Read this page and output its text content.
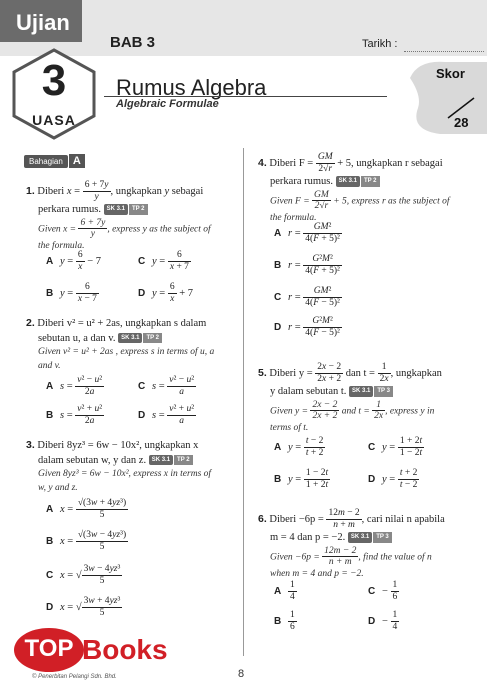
Ujian
BAB 3	Tarikh :
3
UASA
Rumus Algebra
Algebraic Formulae
Skor
28
Bahagian A
1. Diberi $x = \frac{6 + 7y}{y}$ , ungkapkan y sebagai
perkara rumus. SK 3.1 TP 2
Given $x = \frac{6 + 7y}{y}$ , express y as the subject of
the formula.
A $y = \frac{6}{x} - 7$	C $y = \frac{6}{x + 7}$
B $y = \frac{6}{x - 7}$	D $y = \frac{6}{x} + 7$
2. Diberi v² = u² + 2as, ungkapkan s dalam
sebutan u, a dan v. SK 3.1 TP 2
Given v² = u² + 2as , express s in terms of u, a
and v.
A $s = \frac{\text{v² − u²}}{2a}$	C $s = \frac{\text{v² − u²}}{a}$
B $s = \frac{\text{v² + u²}}{2a}$	D $s = \frac{\text{v² + u²}}{a}$
3. Diberi 8yz³ = 6w − 10x², ungkapkan x
dalam sebutan w, y dan z. SK 3.1 TP 2
Given 8yz³ = 6w − 10x², express x in terms of
w, y and z.
A $x = \frac{\text{√(3w + 4yz³)}}{5}$
B $x = \frac{\text{√(3w − 4yz³)}}{5}$
C x = √ $\frac{\text{3w − 4yz³}}{5}$
D x = √ $\frac{\text{3w + 4yz³}}{5}$
4. Diberi $F = \frac{GM}{2√r} + 5$, ungkapkan r sebagai
perkara rumus. SK 3.1 TP 2
Given $F = \frac{GM}{2√r} + 5$, express r as the subject of
the formula.
A $r = \frac{\text{GM²}}{\text{4(F + 5)²}}$
B $r = \frac{\text{G²M²}}{\text{4(F + 5)²}}$
C $r = \frac{\text{GM²}}{\text{4(F − 5)²}}$
D $r = \frac{\text{G²M²}}{\text{4(F − 5)²}}$
5. Diberi $y = \frac{2x - 2}{2x + 2}$ dan $t = \frac{1}{2x}$ , ungkapkan
y dalam sebutan t. SK 3.1 TP 3
Given $y = \frac{2x - 2}{2x + 2}$ and $t = \frac{1}{2x}$ , express y in
terms of t.
A $y = \frac{t - 2}{t + 2}$	C $y = \frac{1 + 2t}{1 - 2t}$
B $y = \frac{1 - 2t}{1 + 2t}$	D $y = \frac{t + 2}{t - 2}$
6. Diberi $-6p = \frac{12m - 2}{n + m}$ , cari nilai n apabila
m = 4 dan p = −2. SK 3.1 TP 3
Given $-6p = \frac{12m - 2}{n + m}$ , find the value of n
when m = 4 and p = −2.
A $\frac{1}{4}$	$C - \frac{1}{6}$
B $\frac{1}{6}$	$D - \frac{1}{4}$
TOP Books
© Penerbitan Pelangi Sdn. Bhd.	8
